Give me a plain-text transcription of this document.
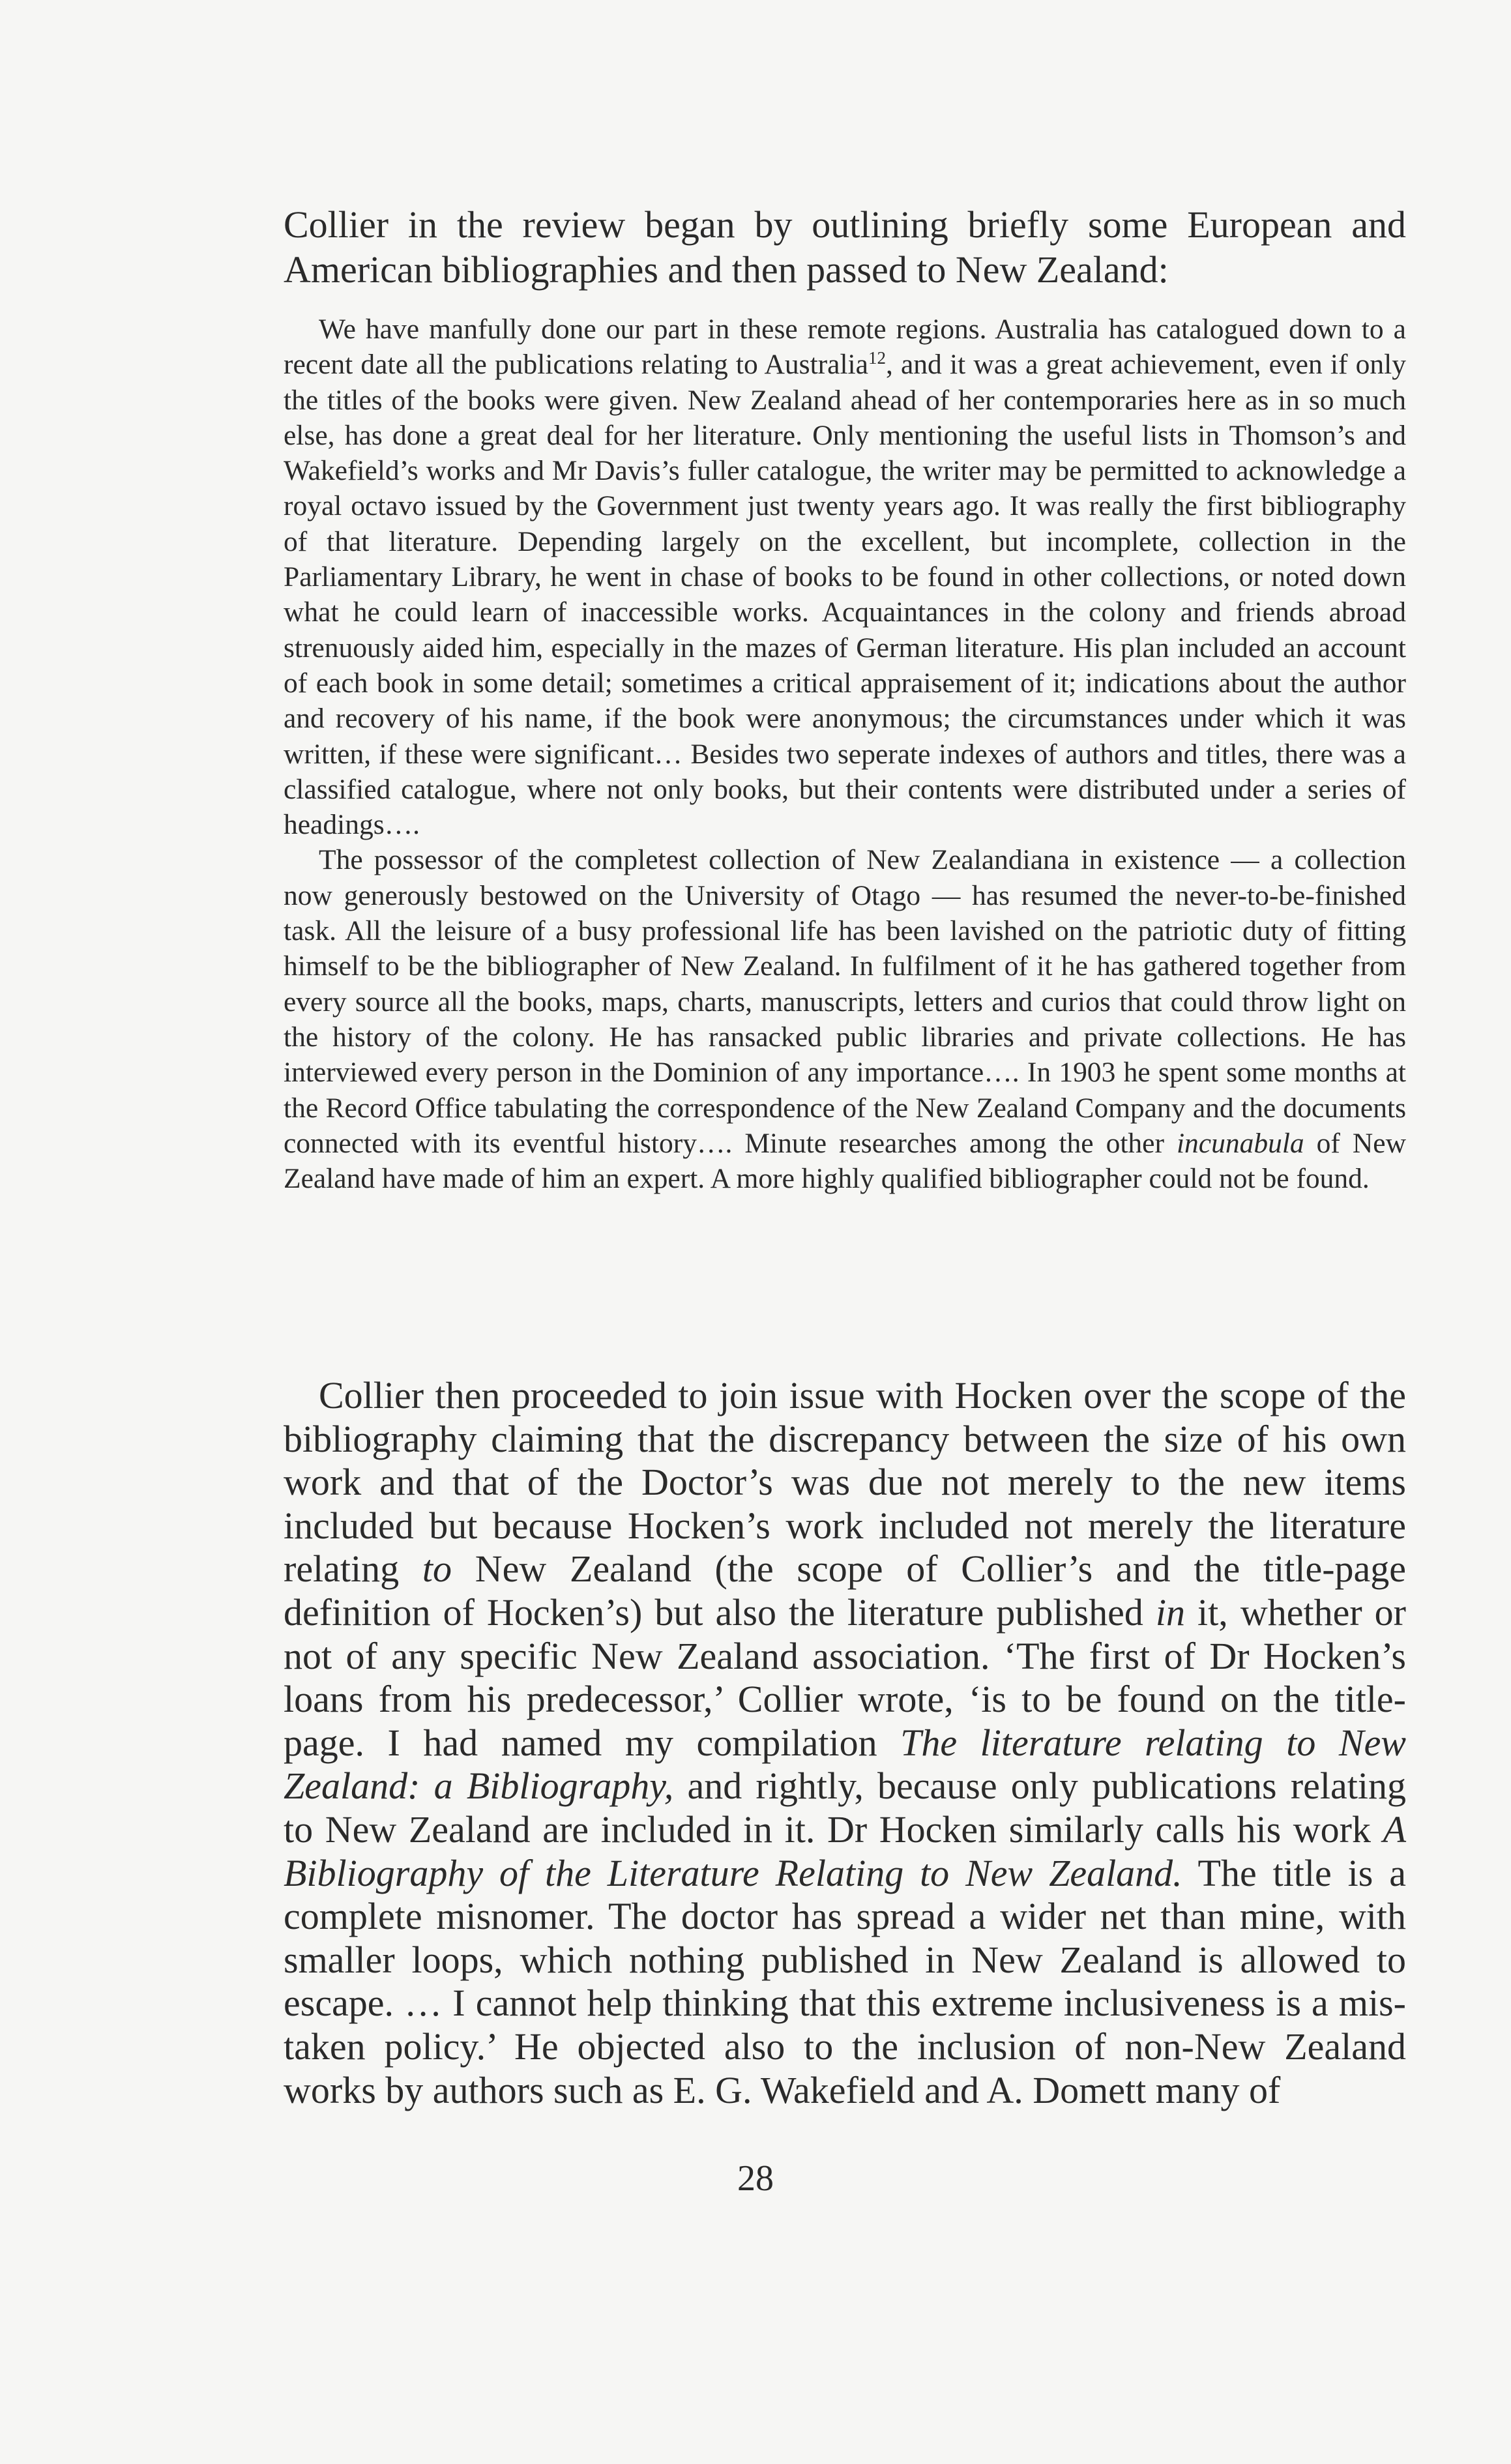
Collier in the review began by outlining briefly some European and American bibliographies and then passed to New Zealand:

We have manfully done our part in these remote regions. Australia has catalogued down to a recent date all the publications relating to Australia$^{12}$, and it was a great achievement, even if only the titles of the books were given. New Zealand ahead of her contemporaries here as in so much else, has done a great deal for her literature. Only mentioning the useful lists in Thomson’s and Wakefield’s works and Mr Davis’s fuller catalogue, the writer may be permitted to acknowledge a royal octavo issued by the Government just twenty years ago. It was really the first bibliography of that literature. Depending largely on the excellent, but incomplete, collection in the Parliamentary Library, he went in chase of books to be found in other collections, or noted down what he could learn of inaccessible works. Acquaintances in the colony and friends abroad strenuously aided him, especially in the mazes of German literature. His plan included an account of each book in some detail; sometimes a critical appraisement of it; indications about the author and recovery of his name, if the book were anonymous; the circumstances under which it was written, if these were significant… Besides two seperate indexes of authors and titles, there was a classified catalogue, where not only books, but their contents were distributed under a series of headings….

The possessor of the completest collection of New Zealandiana in existence — a collection now generously bestowed on the University of Otago — has resumed the never-to-be-finished task. All the leisure of a busy professional life has been lavished on the patriotic duty of fitting himself to be the bibliographer of New Zealand. In fulfilment of it he has gathered together from every source all the books, maps, charts, manuscripts, letters and curios that could throw light on the history of the colony. He has ransacked public libraries and private collections. He has interviewed every person in the Dominion of any importance…. In 1903 he spent some months at the Record Office tabulating the correspondence of the New Zealand Company and the documents connected with its eventful history…. Minute researches among the other incunabula of New Zealand have made of him an expert. A more highly qualified bibliographer could not be found.

Collier then proceeded to join issue with Hocken over the scope of the bibliography claiming that the discrepancy between the size of his own work and that of the Doctor’s was due not merely to the new items included but because Hocken’s work included not merely the literature relating to New Zealand (the scope of Collier’s and the title-page definition of Hocken’s) but also the literature published in it, whether or not of any specific New Zealand association. ‘The first of Dr Hocken’s loans from his predecessor,’ Collier wrote, ‘is to be found on the title-page. I had named my compilation The literature relating to New Zealand: a Bibliography, and rightly, because only publications relating to New Zealand are included in it. Dr Hocken similarly calls his work A Bibliography of the Literature Relating to New Zealand. The title is a complete misnomer. The doctor has spread a wider net than mine, with smaller loops, which nothing published in New Zealand is allowed to escape. … I cannot help thinking that this extreme inclusiveness is a mistaken policy.’ He objected also to the inclusion of non-New Zealand works by authors such as E. G. Wakefield and A. Domett many of

28
